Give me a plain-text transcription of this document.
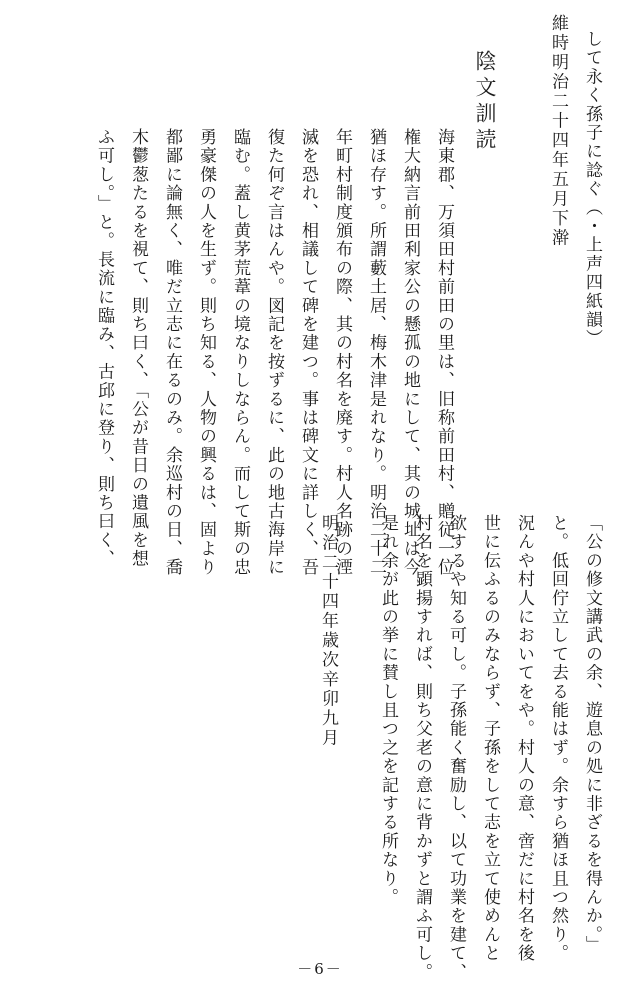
して永く孫子に諗ぐ（・上声四紙韻）
維時明治二十四年五月下澣
陰文訓読
海東郡、万須田村前田の里は、旧称前田村、贈従一位
権大納言前田利家公の懸孤の地にして、其の城址は今
猶ほ存す。所謂藪土居、梅木津是れなり。明治二十二
年町村制度頒布の際、其の村名を廃す。村人名跡の湮
滅を恐れ、相議して碑を建つ。事は碑文に詳しく、吾
復た何ぞ言はんや。図記を按ずるに、此の地古海岸に
臨む。蓋し黄茅荒葦の境なりしならん。而して斯の忠
勇豪傑の人を生ず。則ち知る、人物の興るは、固より
都鄙に論無く、唯だ立志に在るのみ。余巡村の日、喬
木鬱葱たるを視て、則ち曰く、「公が昔日の遺風を想
ふ可し。」と。長流に臨み、古邱に登り、則ち曰く、
「公の修文講武の余、遊息の処に非ざるを得んか。」
と。低回佇立して去る能はず。余すら猶ほ且つ然り。
況んや村人においてをや。村人の意、啻だに村名を後
世に伝ふるのみならず、子孫をして志を立て使めんと
欲するや知る可し。子孫能く奮励し、以て功業を建て、
村名を顕揚すれば、則ち父老の意に背かずと謂ふ可し。
是れ余が此の挙に賛し且つ之を記する所なり。
明治二十四年歳次辛卯九月
－6－
